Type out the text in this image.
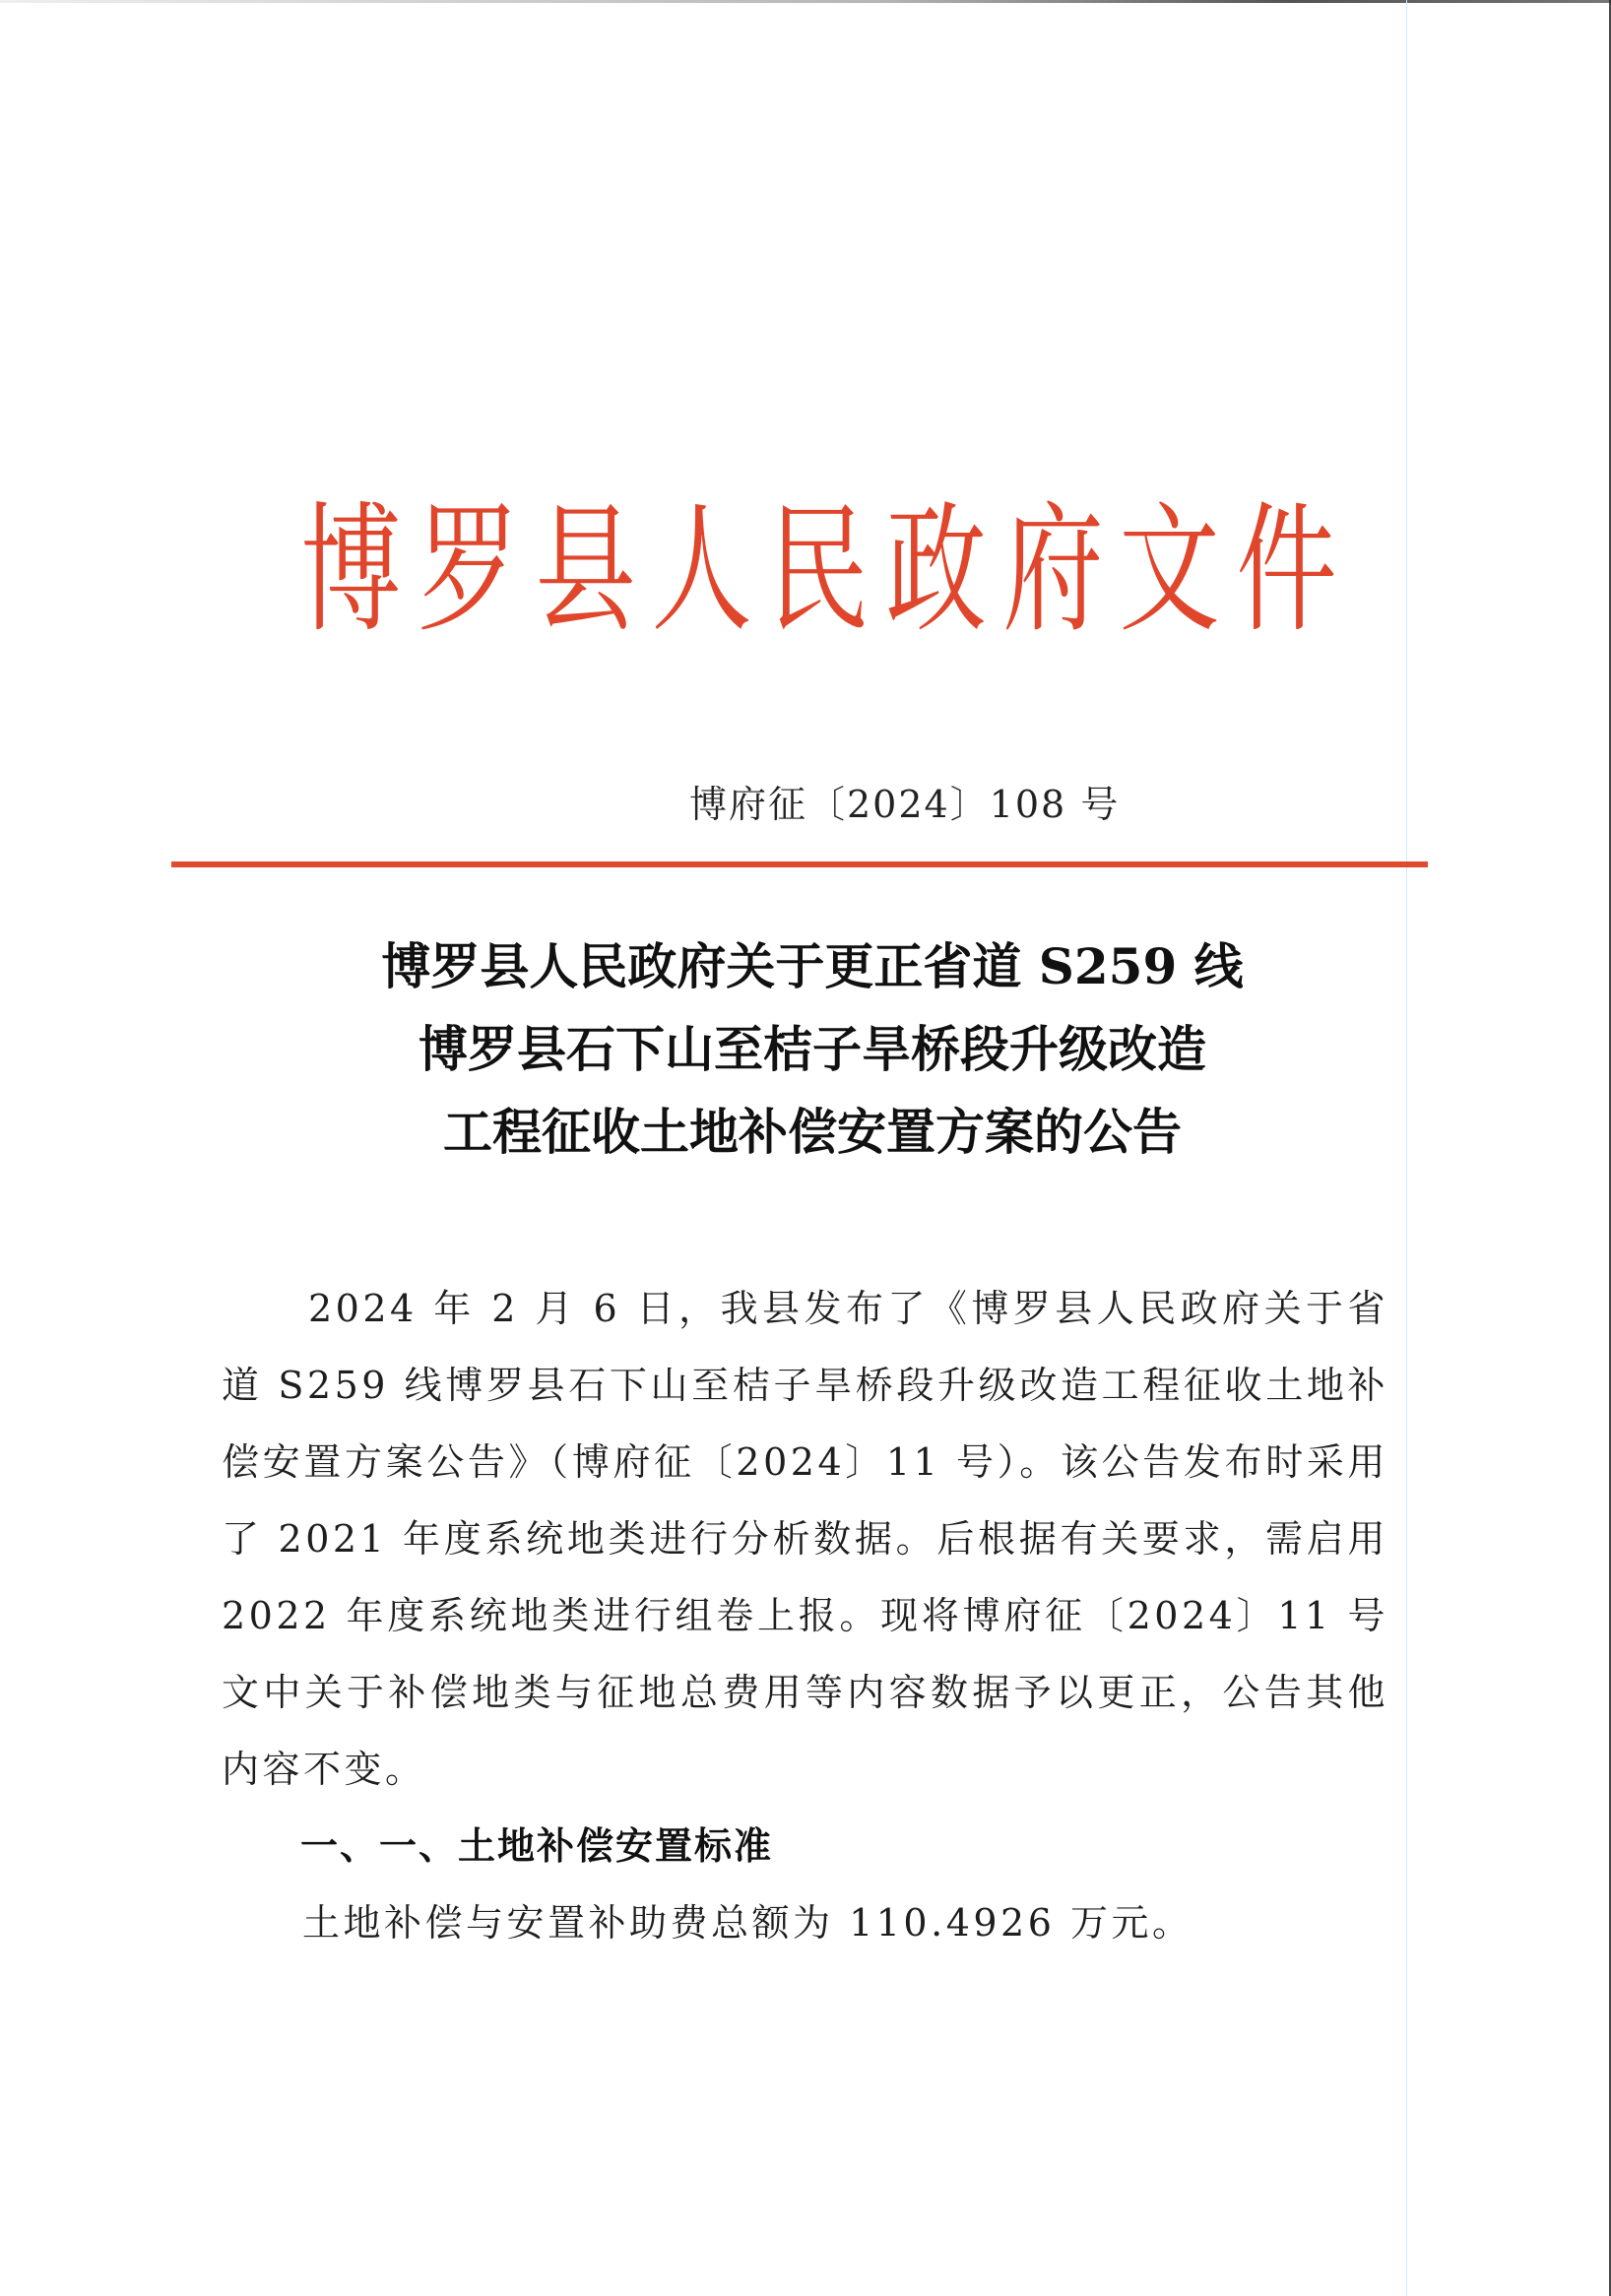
博 罗 县 人 民 政 府 文 件
博府征〔2024〕108 号
博罗县人民政府关于更正省道 S259 线
博罗县石下山至桔子旱桥段升级改造
工程征收土地补偿安置方案的公告

2024 年 2 月 6 日，我县发布了《博罗县人民政府关于省道 S259 线博罗县石下山至桔子旱桥段升级改造工程征收土地补偿安置方案公告》（博府征〔2024〕11 号）。该公告发布时采用了 2021 年度系统地类进行分析数据。后根据有关要求，需启用 2022 年度系统地类进行组卷上报。现将博府征〔2024〕11 号文中关于补偿地类与征地总费用等内容数据予以更正，公告其他内容不变。

一、一、土地补偿安置标准

土地补偿与安置补助费总额为 110.4926 万元。
